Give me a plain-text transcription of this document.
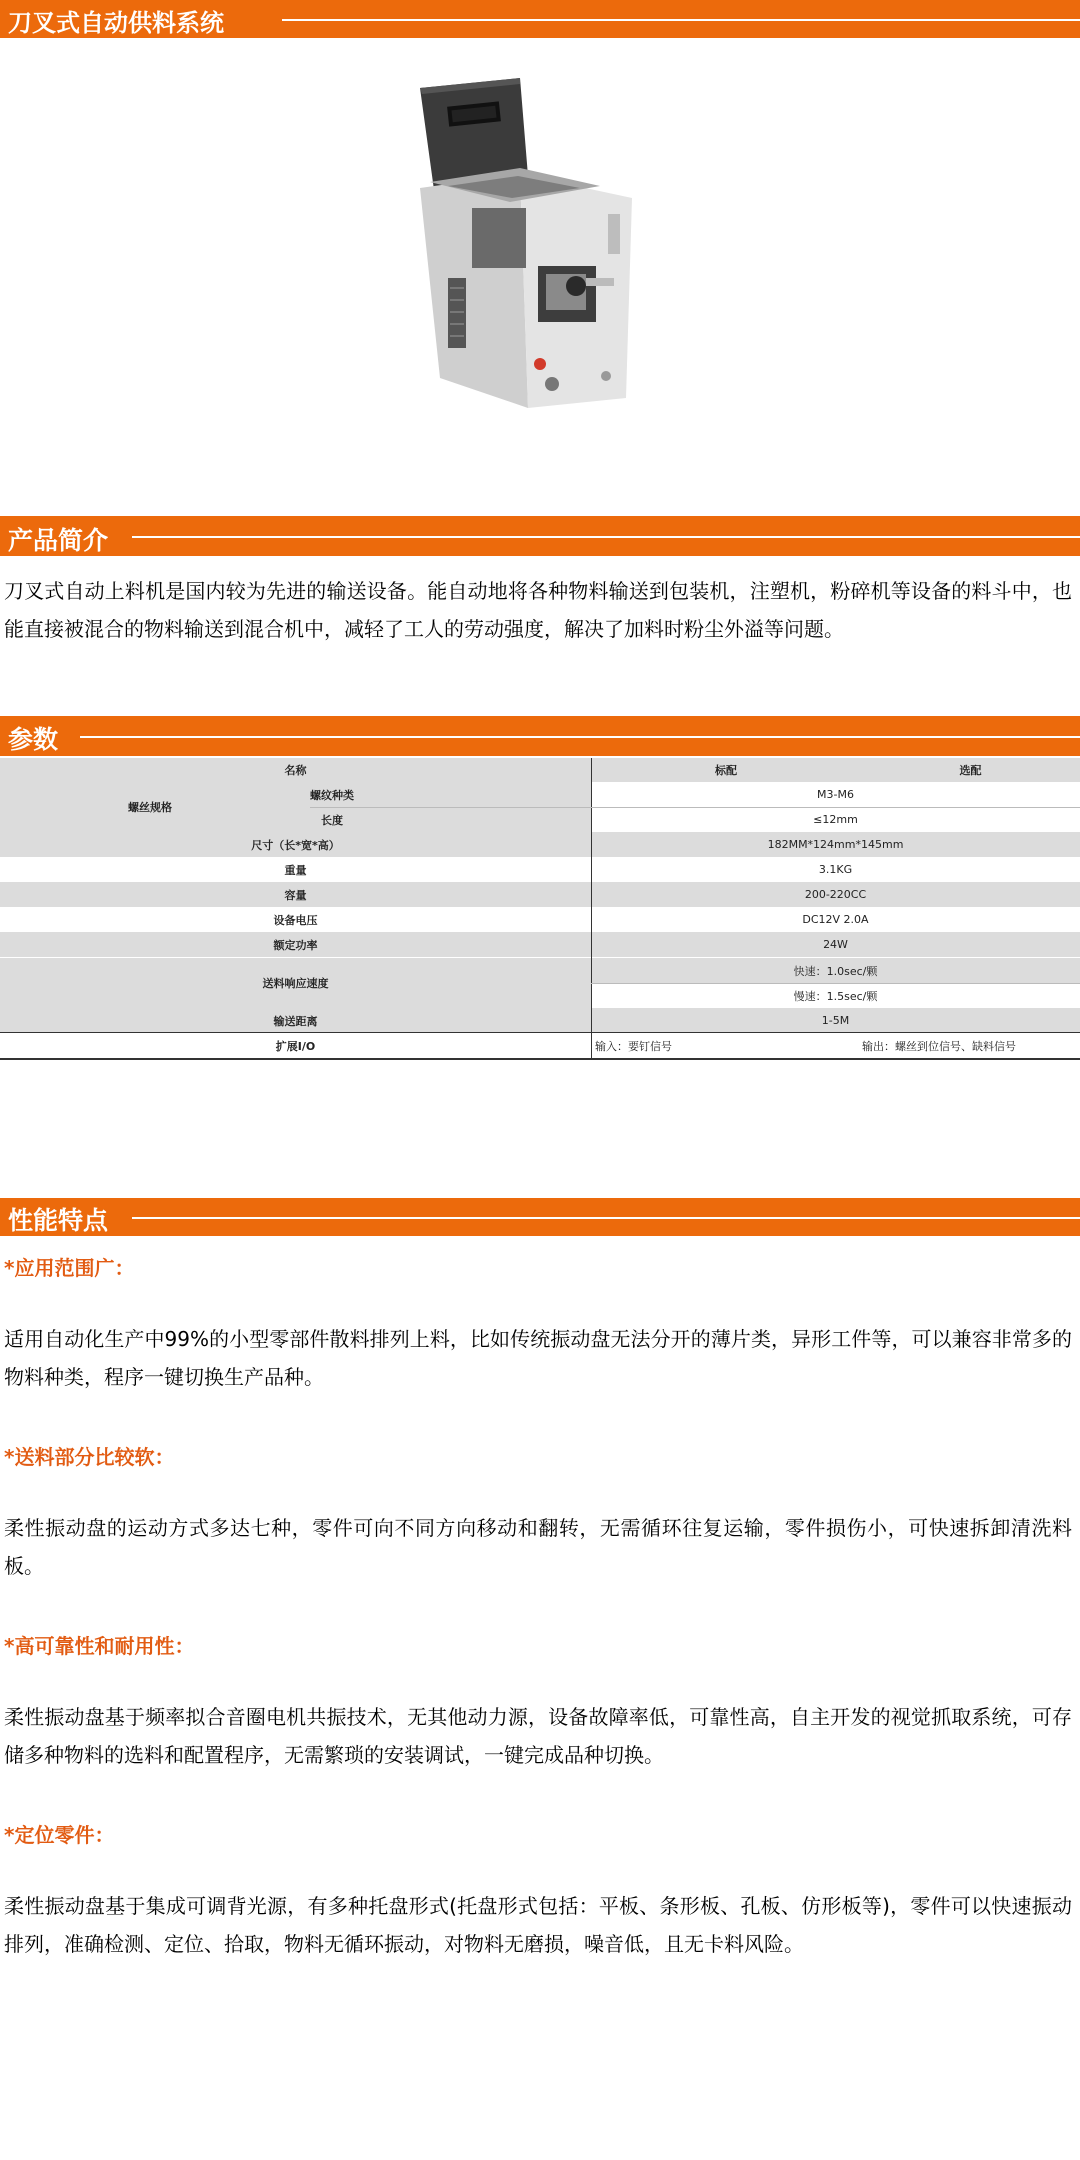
刀叉式自动供料系统
产品简介

刀叉式自动上料机是国内较为先进的输送设备。能自动地将各种物料输送到包装机，注塑机，粉碎机等设备的料斗中，也能直接被混合的物料输送到混合机中，减轻了工人的劳动强度，解决了加料时粉尘外溢等问题。

参数
名称	标配	选配
螺丝规格
螺纹种类	M3-M6
长度	≤12mm
尺寸（长*宽*高）	182MM*124mm*145mm
重量	3.1KG
容量	200-220CC
设备电压	DC12V 2.0A
额定功率	24W
送料响应速度
快速：1.0sec/颗
慢速：1.5sec/颗
输送距离	1-5M
扩展I/O	输入：要钉信号	输出：螺丝到位信号、缺料信号
性能特点

*应用范围广：

适用自动化生产中99%的小型零部件散料排列上料，比如传统振动盘无法分开的薄片类，异形工件等，可以兼容非常多的物料种类，程序一键切换生产品种。

*送料部分比较软：

柔性振动盘的运动方式多达七种，零件可向不同方向移动和翻转，无需循环往复运输，零件损伤小，可快速拆卸清洗料板。

*高可靠性和耐用性：

柔性振动盘基于频率拟合音圈电机共振技术，无其他动力源，设备故障率低，可靠性高，自主开发的视觉抓取系统，可存储多种物料的选料和配置程序，无需繁琐的安装调试，一键完成品种切换。

*定位零件：

柔性振动盘基于集成可调背光源，有多种托盘形式(托盘形式包括：平板、条形板、孔板、仿形板等)，零件可以快速振动排列，准确检测、定位、拾取，物料无循环振动，对物料无磨损，噪音低，且无卡料风险。
